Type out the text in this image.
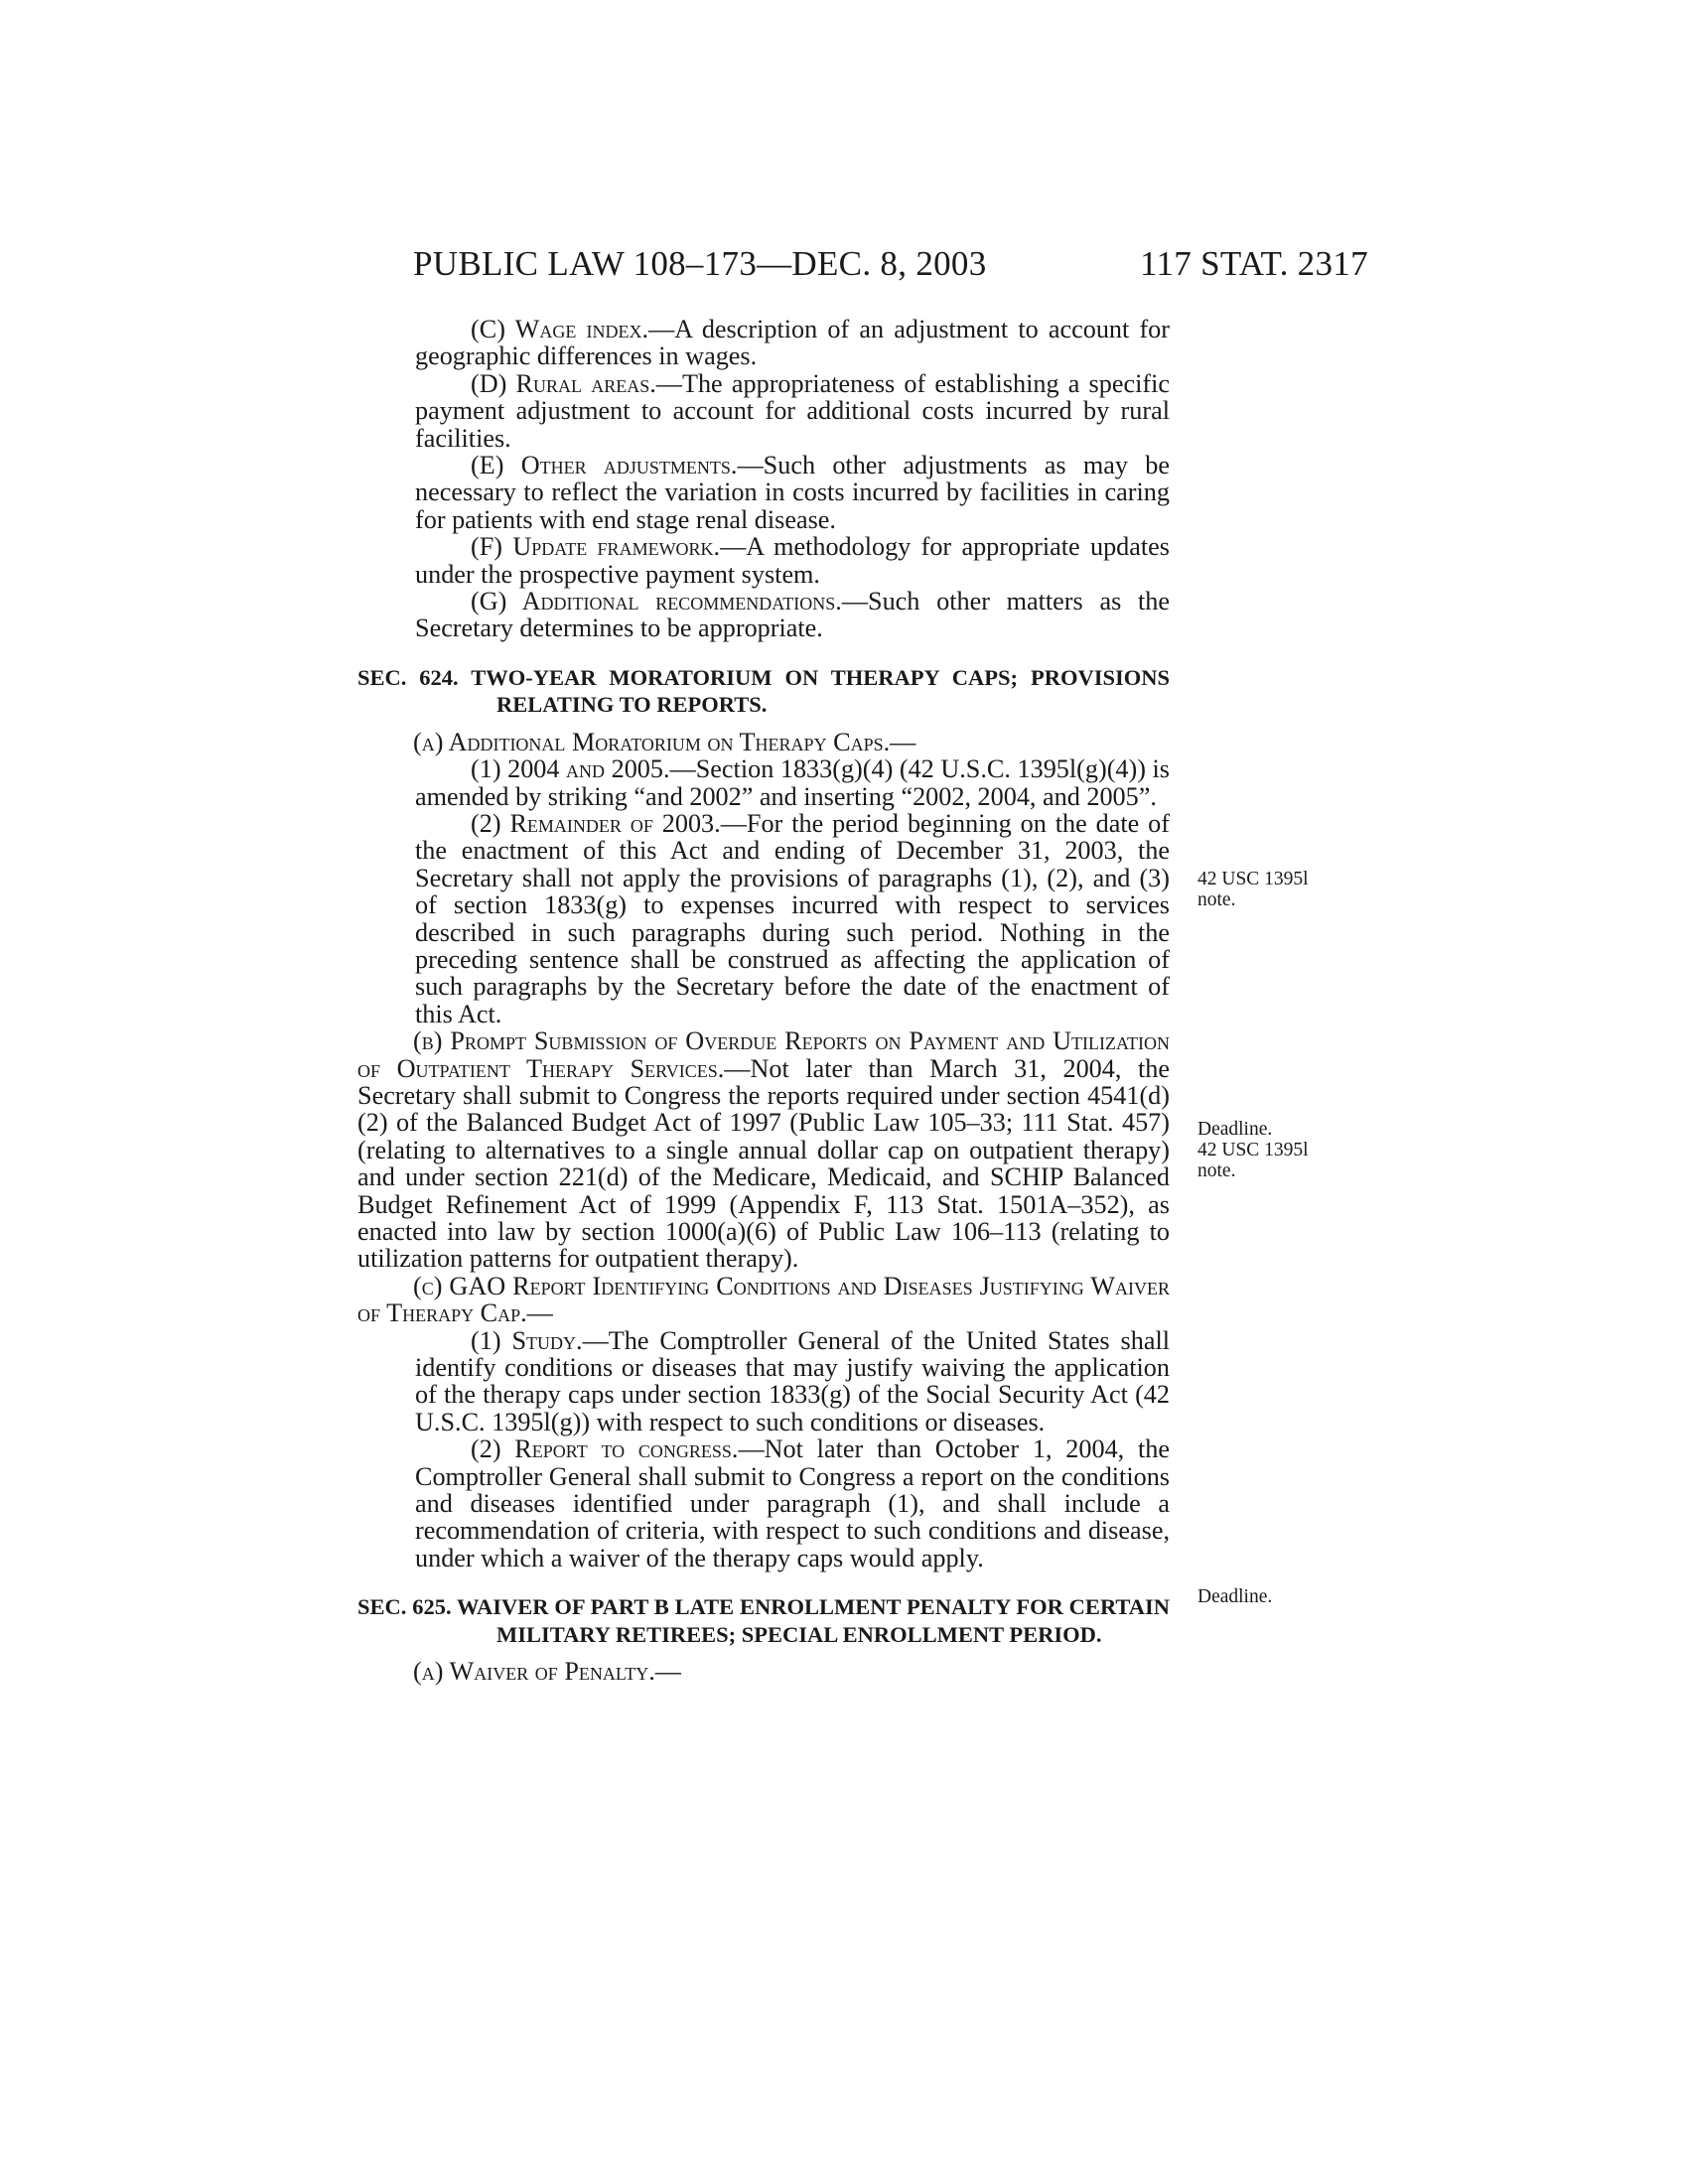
PUBLIC LAW 108–173—DEC. 8, 2003	117 STAT. 2317

(C) Wage index.—A description of an adjustment to account for geographic differences in wages.

(D) Rural areas.—The appropriateness of establishing a specific payment adjustment to account for additional costs incurred by rural facilities.

(E) Other adjustments.—Such other adjustments as may be necessary to reflect the variation in costs incurred by facilities in caring for patients with end stage renal disease.

(F) Update framework.—A methodology for appropriate updates under the prospective payment system.

(G) Additional recommendations.—Such other matters as the Secretary determines to be appropriate.

SEC. 624. TWO-YEAR MORATORIUM ON THERAPY CAPS; PROVISIONS RELATING TO REPORTS.

(a) Additional Moratorium on Therapy Caps.—

(1) 2004 and 2005.—Section 1833(g)(4) (42 U.S.C. 1395l(g)(4)) is amended by striking “and 2002” and inserting “2002, 2004, and 2005”.

(2) Remainder of 2003.—For the period beginning on the date of the enactment of this Act and ending of December 31, 2003, the Secretary shall not apply the provisions of paragraphs (1), (2), and (3) of section 1833(g) to expenses incurred with respect to services described in such paragraphs during such period. Nothing in the preceding sentence shall be construed as affecting the application of such paragraphs by the Secretary before the date of the enactment of this Act.

(b) Prompt Submission of Overdue Reports on Payment and Utilization of Outpatient Therapy Services.—Not later than March 31, 2004, the Secretary shall submit to Congress the reports required under section 4541(d)(2) of the Balanced Budget Act of 1997 (Public Law 105–33; 111 Stat. 457) (relating to alternatives to a single annual dollar cap on outpatient therapy) and under section 221(d) of the Medicare, Medicaid, and SCHIP Balanced Budget Refinement Act of 1999 (Appendix F, 113 Stat. 1501A–352), as enacted into law by section 1000(a)(6) of Public Law 106–113 (relating to utilization patterns for outpatient therapy).

(c) GAO Report Identifying Conditions and Diseases Justifying Waiver of Therapy Cap.—

(1) Study.—The Comptroller General of the United States shall identify conditions or diseases that may justify waiving the application of the therapy caps under section 1833(g) of the Social Security Act (42 U.S.C. 1395l(g)) with respect to such conditions or diseases.

(2) Report to congress.—Not later than October 1, 2004, the Comptroller General shall submit to Congress a report on the conditions and diseases identified under paragraph (1), and shall include a recommendation of criteria, with respect to such conditions and disease, under which a waiver of the therapy caps would apply.

SEC. 625. WAIVER OF PART B LATE ENROLLMENT PENALTY FOR CERTAIN MILITARY RETIREES; SPECIAL ENROLLMENT PERIOD.

(a) Waiver of Penalty.—

42 USC 1395l
note.
Deadline.
42 USC 1395l
note.
Deadline.
